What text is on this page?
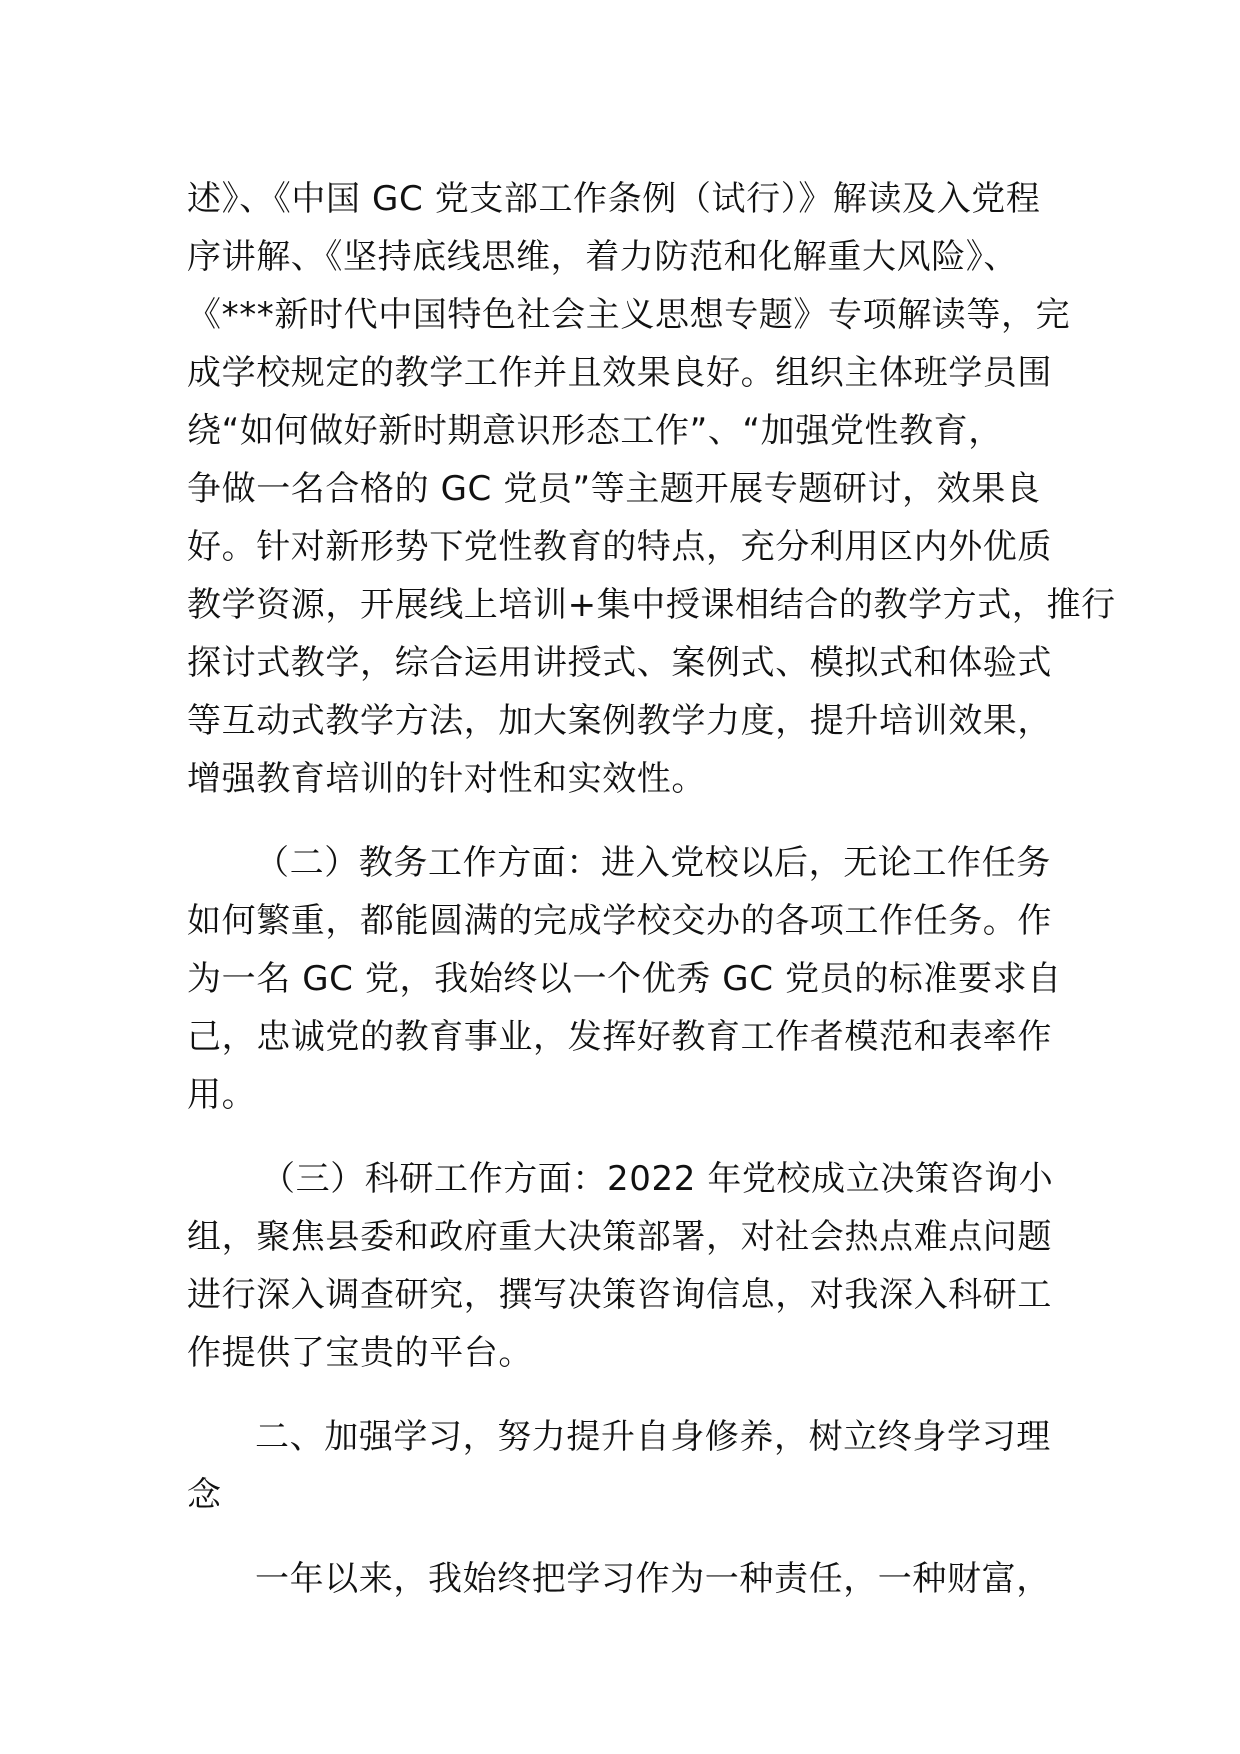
述》、《中国 GC 党支部工作条例（试行）》解读及入党程
序讲解、《坚持底线思维，着力防范和化解重大风险》、
《***新时代中国特色社会主义思想专题》专项解读等，完
成学校规定的教学工作并且效果良好。组织主体班学员围
绕“如何做好新时期意识形态工作”、“加强党性教育，
争做一名合格的 GC 党员”等主题开展专题研讨，效果良
好。针对新形势下党性教育的特点，充分利用区内外优质
教学资源，开展线上培训+集中授课相结合的教学方式，推行
探讨式教学，综合运用讲授式、案例式、模拟式和体验式
等互动式教学方法，加大案例教学力度，提升培训效果，
增强教育培训的针对性和实效性。
（二）教务工作方面：进入党校以后，无论工作任务
如何繁重，都能圆满的完成学校交办的各项工作任务。作
为一名 GC 党，我始终以一个优秀 GC 党员的标准要求自
己，忠诚党的教育事业，发挥好教育工作者模范和表率作
用。
（三）科研工作方面：2022 年党校成立决策咨询小
组，聚焦县委和政府重大决策部署，对社会热点难点问题
进行深入调查研究，撰写决策咨询信息，对我深入科研工
作提供了宝贵的平台。
二、加强学习，努力提升自身修养，树立终身学习理
念
一年以来，我始终把学习作为一种责任，一种财富，
